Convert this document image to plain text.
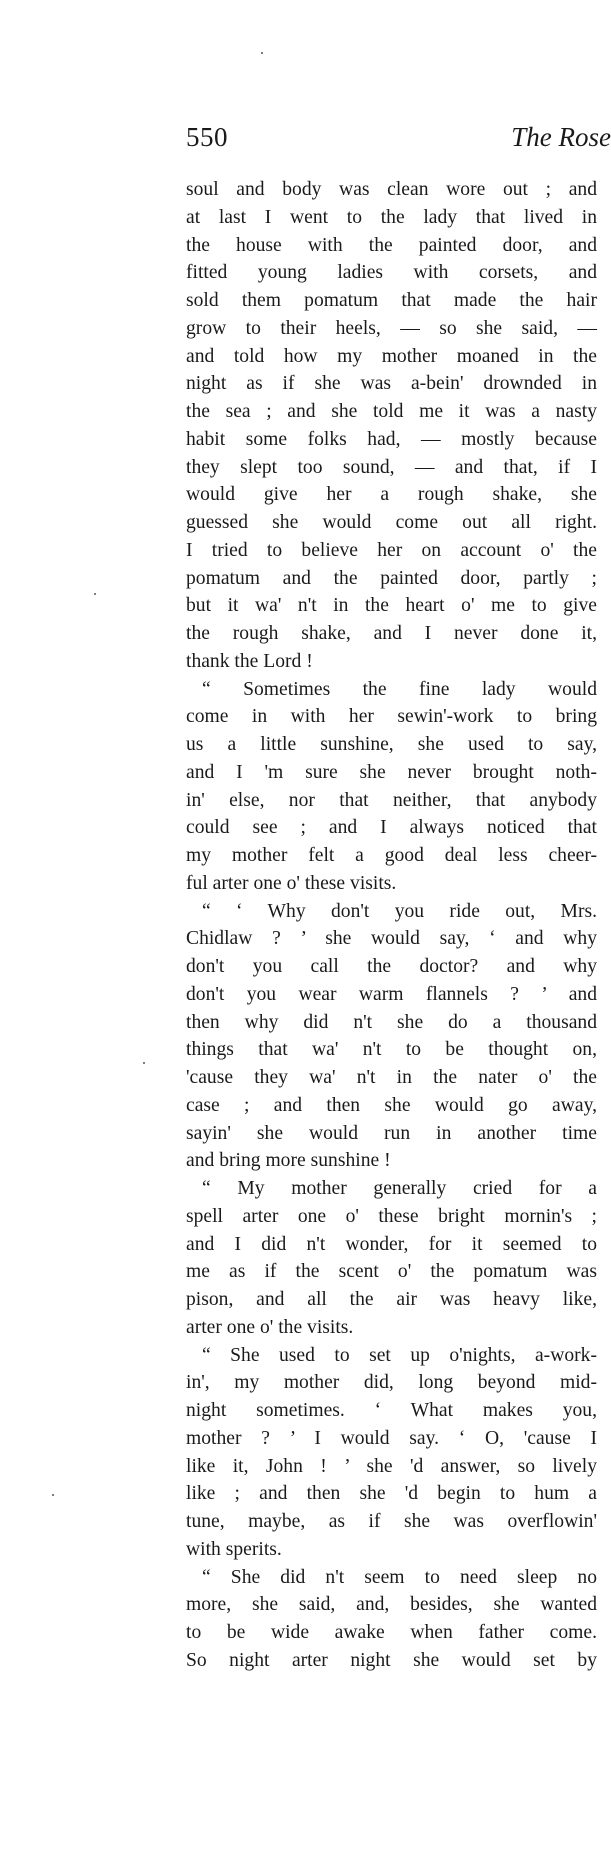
550	The Rose
soul and body was clean wore out ; and
at last I went to the lady that lived in
the house with the painted door, and
fitted young ladies with corsets, and
sold them pomatum that made the hair
grow to their heels, — so she said, —
and told how my mother moaned in the
night as if she was a-bein' drownded in
the sea ; and she told me it was a nasty
habit some folks had, — mostly because
they slept too sound, — and that, if I
would give her a rough shake, she
guessed she would come out all right.
I tried to believe her on account o' the
pomatum and the painted door, partly ;
but it wa' n't in the heart o' me to give
the rough shake, and I never done it,
thank the Lord !
“ Sometimes the fine lady would
come in with her sewin'-work to bring
us a little sunshine, she used to say,
and I 'm sure she never brought noth-
in' else, nor that neither, that anybody
could see ; and I always noticed that
my mother felt a good deal less cheer-
ful arter one o' these visits.
“ ‘ Why don't you ride out, Mrs.
Chidlaw ? ’ she would say, ‘ and why
don't you call the doctor? and why
don't you wear warm flannels ? ’ and
then why did n't she do a thousand
things that wa' n't to be thought on,
'cause they wa' n't in the nater o' the
case ; and then she would go away,
sayin' she would run in another time
and bring more sunshine !
“ My mother generally cried for a
spell arter one o' these bright mornin's ;
and I did n't wonder, for it seemed to
me as if the scent o' the pomatum was
pison, and all the air was heavy like,
arter one o' the visits.
“ She used to set up o'nights, a-work-
in', my mother did, long beyond mid-
night sometimes. ‘ What makes you,
mother ? ’ I would say. ‘ O, 'cause I
like it, John ! ’ she 'd answer, so lively
like ; and then she 'd begin to hum a
tune, maybe, as if she was overflowin'
with sperits.
“ She did n't seem to need sleep no
more, she said, and, besides, she wanted
to be wide awake when father come.
So night arter night she would set by
